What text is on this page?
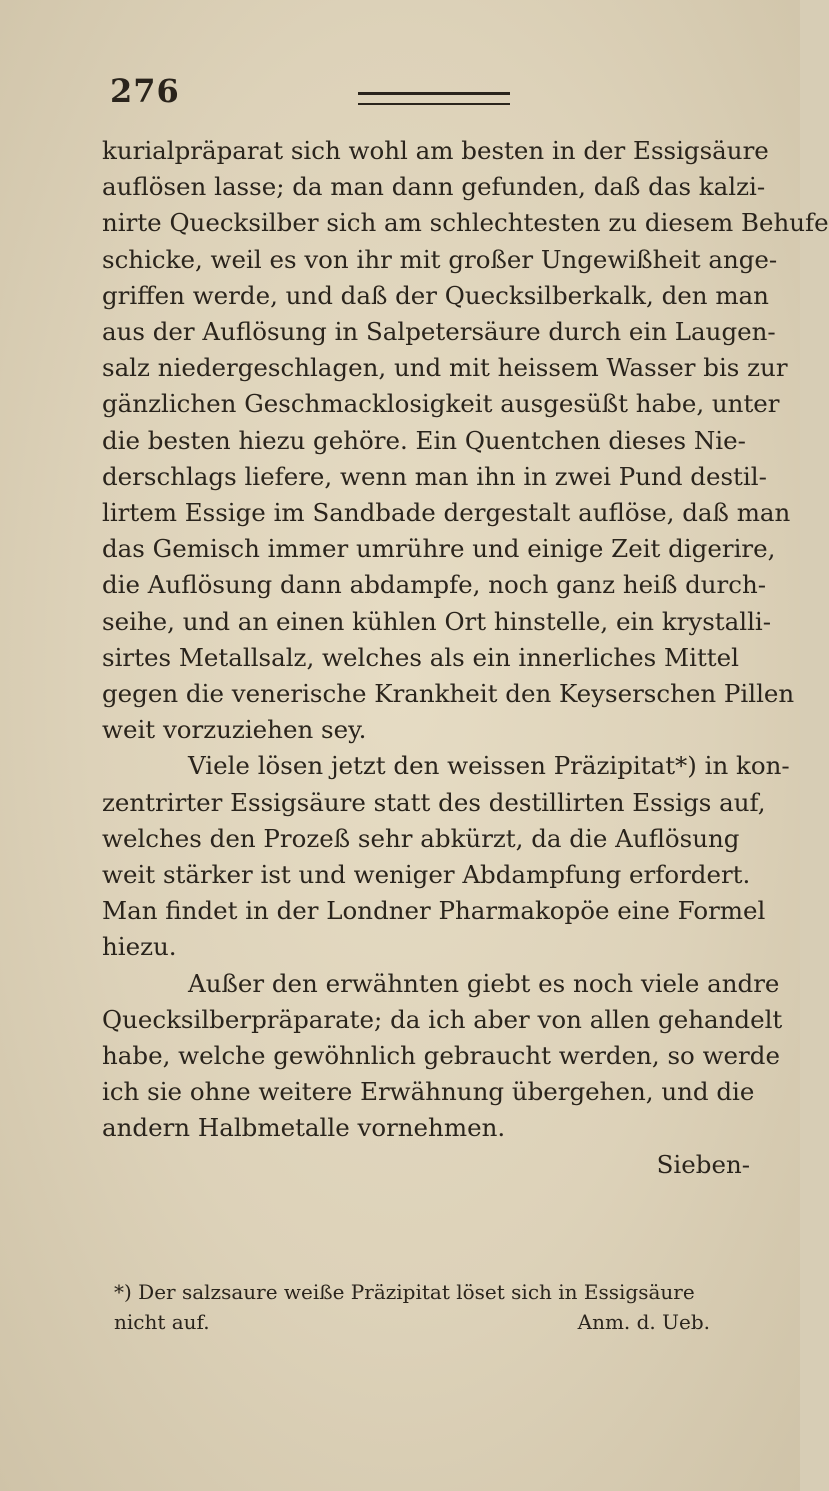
276
kurialpräparat sich wohl am besten in der Essigsäure
auflösen lasse; da man dann gefunden, daß das kalzi-
nirte Quecksilber sich am schlechtesten zu diesem Behufe
schicke, weil es von ihr mit großer Ungewißheit ange-
griffen werde, und daß der Quecksilberkalk, den man
aus der Auflösung in Salpetersäure durch ein Laugen-
salz niedergeschlagen, und mit heissem Wasser bis zur
gänzlichen Geschmacklosigkeit ausgesüßt habe, unter
die besten hiezu gehöre. Ein Quentchen dieses Nie-
derschlags liefere, wenn man ihn in zwei Pund destil-
lirtem Essige im Sandbade dergestalt auflöse, daß man
das Gemisch immer umrühre und einige Zeit digerire,
die Auflösung dann abdampfe, noch ganz heiß durch-
seihe, und an einen kühlen Ort hinstelle, ein krystalli-
sirtes Metallsalz, welches als ein innerliches Mittel
gegen die venerische Krankheit den Keyserschen Pillen
weit vorzuziehen sey.
Viele lösen jetzt den weissen Präzipitat*) in kon-
zentrirter Essigsäure statt des destillirten Essigs auf,
welches den Prozeß sehr abkürzt, da die Auflösung
weit stärker ist und weniger Abdampfung erfordert.
Man findet in der Londner Pharmakopöe eine Formel
hiezu.
Außer den erwähnten giebt es noch viele andre
Quecksilberpräparate; da ich aber von allen gehandelt
habe, welche gewöhnlich gebraucht werden, so werde
ich sie ohne weitere Erwähnung übergehen, und die
andern Halbmetalle vornehmen.
Sieben-
*) Der salzsaure weiße Präzipitat löset sich in Essigsäure
nicht auf.	Anm. d. Ueb.
